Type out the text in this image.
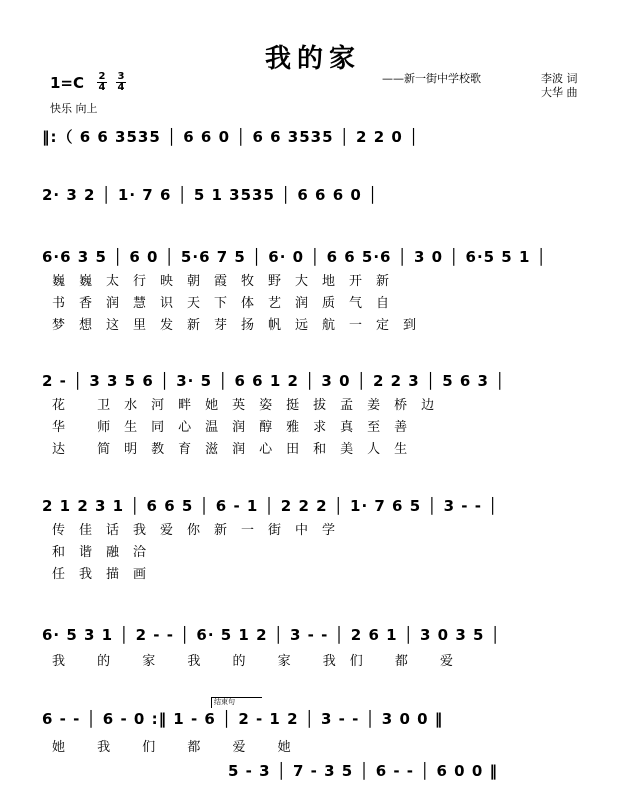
我的家
——新一街中学校歌	李波 词
大华 曲
1=C 2
4
3
4
快乐 向上
‖:（ 6 6 3535 │ 6 6 0 │ 6 6 3535 │ 2 2 0 │
2· 3 2 │ 1· 7 6 │ 5 1 3535 │ 6 6 6 0 │
6·6 3 5 │ 6 0 │ 5·6 7 5 │ 6· 0 │ 6 6 5·6 │ 3 0 │ 6·5 5 1 │
巍巍太行映朝霞牧野大地开新
书香润慧识天下体艺润质气自
梦想这里发新芽扬帆远航一定到
2 - │ 3 3 5 6 │ 3· 5 │ 6 6 1 2 │ 3 0 │ 2 2 3 │ 5 6 3 │
花 卫水河畔她英姿挺拔孟姜桥边
华 师生同心温润醇雅求真至善
达 简明教育滋润心田和美人生
2 1 2 3 1 │ 6 6 5 │ 6 - 1 │ 2 2 2 │ 1· 7 6 5 │ 3 - - │
传佳话我爱你新一街中学
和谐融洽
任我描画
6· 5 3 1 │ 2 - - │ 6· 5 1 2 │ 3 - - │ 2 6 1 │ 3 0 3 5 │
我 的 家 我 的 家 我们 都 爱
结束句
6 - - │ 6 - 0 :‖ 1 - 6 │ 2 - 1 2 │ 3 - - │ 3 0 0 ‖
她 我 们 都 爱 她
5 - 3 │ 7 - 3 5 │ 6 - - │ 6 0 0 ‖
